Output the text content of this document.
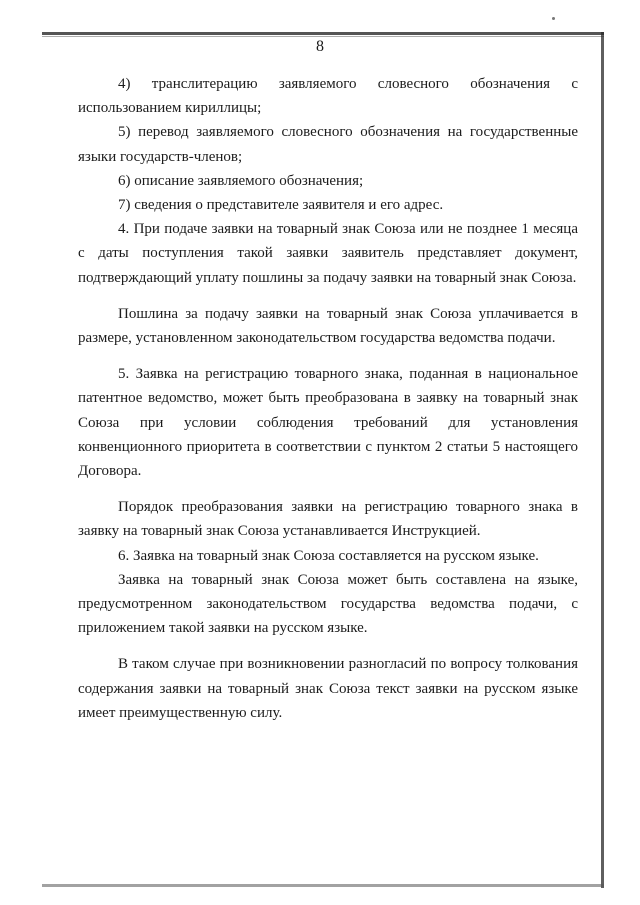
8

4) транслитерацию заявляемого словесного обозначения с использованием кириллицы;

5) перевод заявляемого словесного обозначения на государственные языки государств-членов;

6) описание заявляемого обозначения;

7) сведения о представителе заявителя и его адрес.

4. При подаче заявки на товарный знак Союза или не позднее 1 месяца с даты поступления такой заявки заявитель представляет документ, подтверждающий уплату пошлины за подачу заявки на товарный знак Союза.

Пошлина за подачу заявки на товарный знак Союза уплачивается в размере, установленном законодательством государства ведомства подачи.

5. Заявка на регистрацию товарного знака, поданная в национальное патентное ведомство, может быть преобразована в заявку на товарный знак Союза при условии соблюдения требований для установления конвенционного приоритета в соответствии с пунктом 2 статьи 5 настоящего Договора.

Порядок преобразования заявки на регистрацию товарного знака в заявку на товарный знак Союза устанавливается Инструкцией.

6. Заявка на товарный знак Союза составляется на русском языке.

Заявка на товарный знак Союза может быть составлена на языке, предусмотренном законодательством государства ведомства подачи, с приложением такой заявки на русском языке.

В таком случае при возникновении разногласий по вопросу толкования содержания заявки на товарный знак Союза текст заявки на русском языке имеет преимущественную силу.
